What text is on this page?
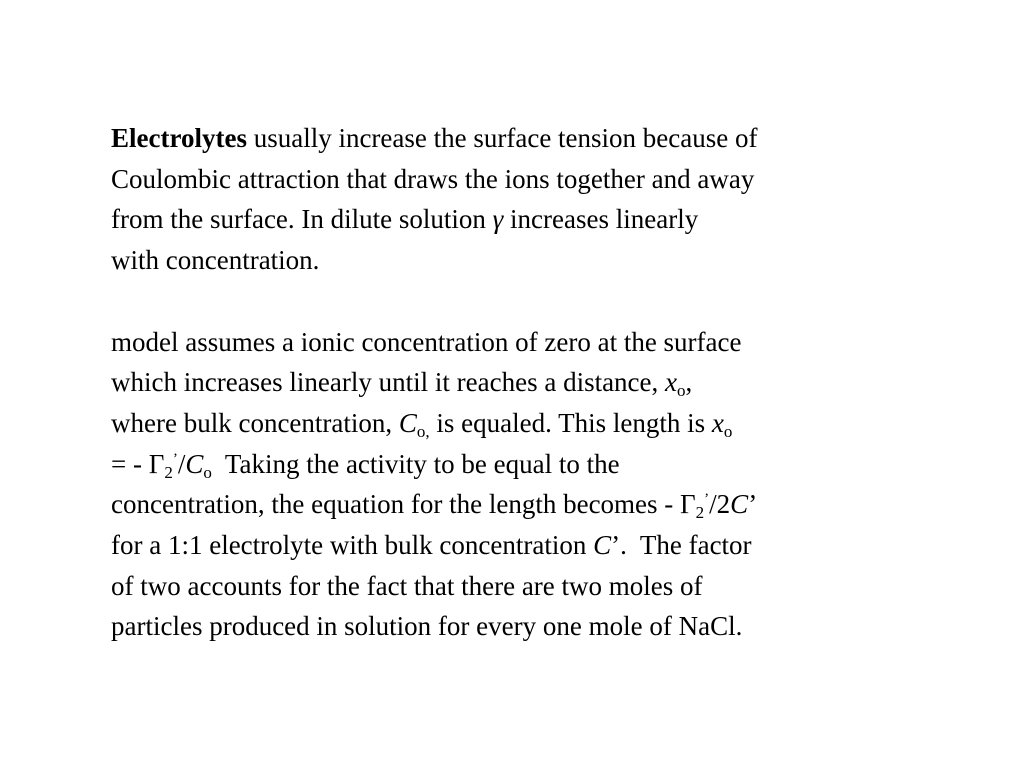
Electrolytes usually increase the surface tension because of
Coulombic attraction that draws the ions together and away
from the surface. In dilute solution γ increases linearly
with concentration.
model assumes a ionic concentration of zero at the surface
which increases linearly until it reaches a distance, $x_o$,
where bulk concentration, $C_{o,}$ is equaled. This length is $x_o$
= - $\Gamma_2^’/C_o$  Taking the activity to be equal to the
concentration, the equation for the length becomes - $\Gamma_2^’/2C$’
for a 1:1 electrolyte with bulk concentration C’.  The factor
of two accounts for the fact that there are two moles of
particles produced in solution for every one mole of NaCl.
